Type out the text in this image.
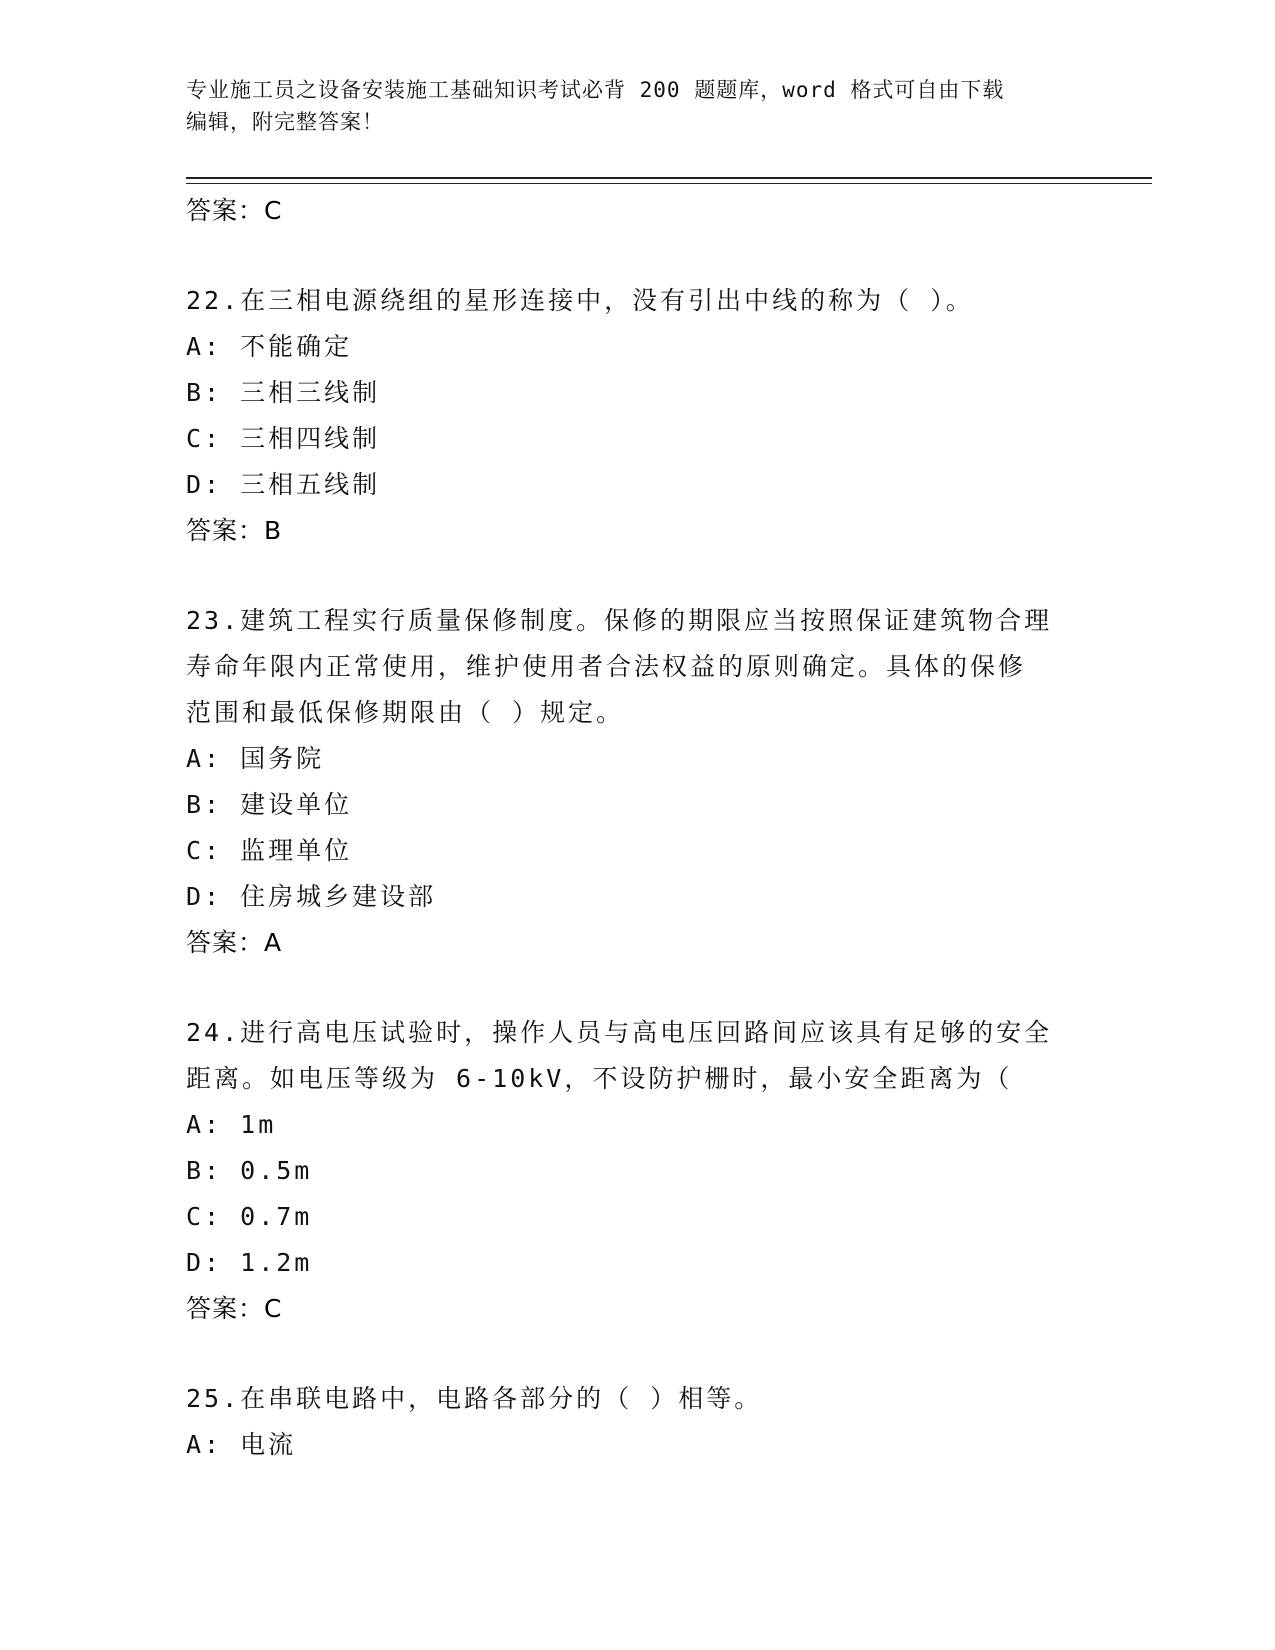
专业施工员之设备安装施工基础知识考试必背 200 题题库，word 格式可自由下载
编辑，附完整答案！
答案：C
22.在三相电源绕组的星形连接中，没有引出中线的称为（ ）。
A: 不能确定
B: 三相三线制
C: 三相四线制
D: 三相五线制
答案：B
23.建筑工程实行质量保修制度。保修的期限应当按照保证建筑物合理
寿命年限内正常使用，维护使用者合法权益的原则确定。具体的保修
范围和最低保修期限由（ ）规定。
A: 国务院
B: 建设单位
C: 监理单位
D: 住房城乡建设部
答案：A
24.进行高电压试验时，操作人员与高电压回路间应该具有足够的安全
距离。如电压等级为 6-10kV，不设防护栅时，最小安全距离为（
A: 1m
B: 0.5m
C: 0.7m
D: 1.2m
答案：C
25.在串联电路中，电路各部分的（ ）相等。
A: 电流
